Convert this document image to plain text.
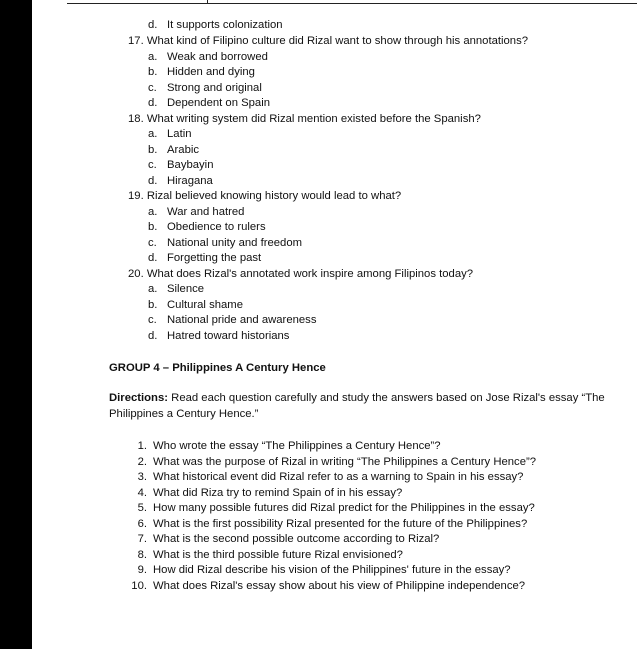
d. It supports colonization
17. What kind of Filipino culture did Rizal want to show through his annotations?
a. Weak and borrowed
b. Hidden and dying
c. Strong and original
d. Dependent on Spain
18. What writing system did Rizal mention existed before the Spanish?
a. Latin
b. Arabic
c. Baybayin
d. Hiragana
19. Rizal believed knowing history would lead to what?
a. War and hatred
b. Obedience to rulers
c. National unity and freedom
d. Forgetting the past
20. What does Rizal's annotated work inspire among Filipinos today?
a. Silence
b. Cultural shame
c. National pride and awareness
d. Hatred toward historians
GROUP 4 – Philippines A Century Hence
Directions: Read each question carefully and study the answers based on Jose Rizal's essay “The Philippines a Century Hence.”
1. Who wrote the essay “The Philippines a Century Hence”?
2. What was the purpose of Rizal in writing “The Philippines a Century Hence”?
3. What historical event did Rizal refer to as a warning to Spain in his essay?
4. What did Riza try to remind Spain of in his essay?
5. How many possible futures did Rizal predict for the Philippines in the essay?
6. What is the first possibility Rizal presented for the future of the Philippines?
7. What is the second possible outcome according to Rizal?
8. What is the third possible future Rizal envisioned?
9. How did Rizal describe his vision of the Philippines' future in the essay?
10. What does Rizal's essay show about his view of Philippine independence?
